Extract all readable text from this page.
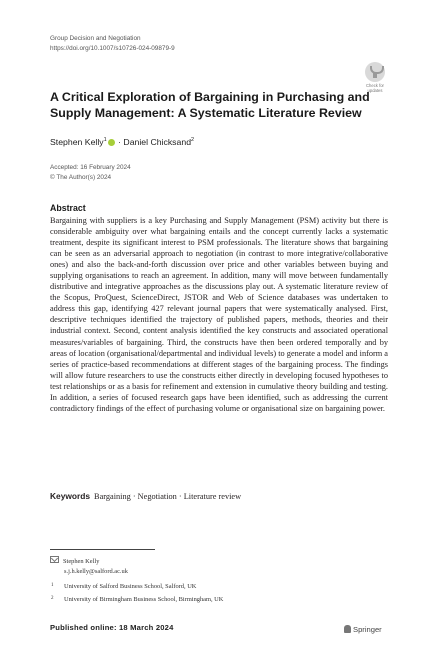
Group Decision and Negotiation
https://doi.org/10.1007/s10726-024-09879-9
Check for updates
A Critical Exploration of Bargaining in Purchasing and Supply Management: A Systematic Literature Review
Stephen Kelly$^1$ · Daniel Chicksand$^2$
Accepted: 16 February 2024
© The Author(s) 2024
Abstract

Bargaining with suppliers is a key Purchasing and Supply Management (PSM) activity but there is considerable ambiguity over what bargaining entails and the concept currently lacks a systematic treatment, despite its significant interest to PSM professionals. The literature shows that bargaining can be seen as an adversarial approach to negotiation (in contrast to more integrative/collaborative ones) and also the back-and-forth discussion over price and other variables between buying and supplying organisations to reach an agreement. In addition, many will move between fundamentally distributive and integrative approaches as the discussions play out. A systematic literature review of the Scopus, ProQuest, ScienceDirect, JSTOR and Web of Science databases was undertaken to address this gap, identifying 427 relevant journal papers that were systematically analysed. First, descriptive techniques identified the trajectory of published papers, methods, theories and their industrial context. Second, content analysis identified the key constructs and associated operational measures/variables of bargaining. Third, the constructs have then been ordered temporally and by areas of location (organisational/departmental and individual levels) to generate a model and inform a series of practice-based recommendations at different stages of the bargaining process. The findings will allow future researchers to use the constructs either directly in developing focused hypotheses to test relationships or as a basis for refinement and extension in cumulative theory building and testing. In addition, a series of focused research gaps have been identified, such as addressing the current contradictory findings of the effect of purchasing volume or organisational size on bargaining power.

Keywords Bargaining · Negotiation · Literature review
Stephen Kelly
s.j.h.kelly@salford.ac.uk
1 University of Salford Business School, Salford, UK
2 University of Birmingham Business School, Birmingham, UK
Published online: 18 March 2024	Springer
